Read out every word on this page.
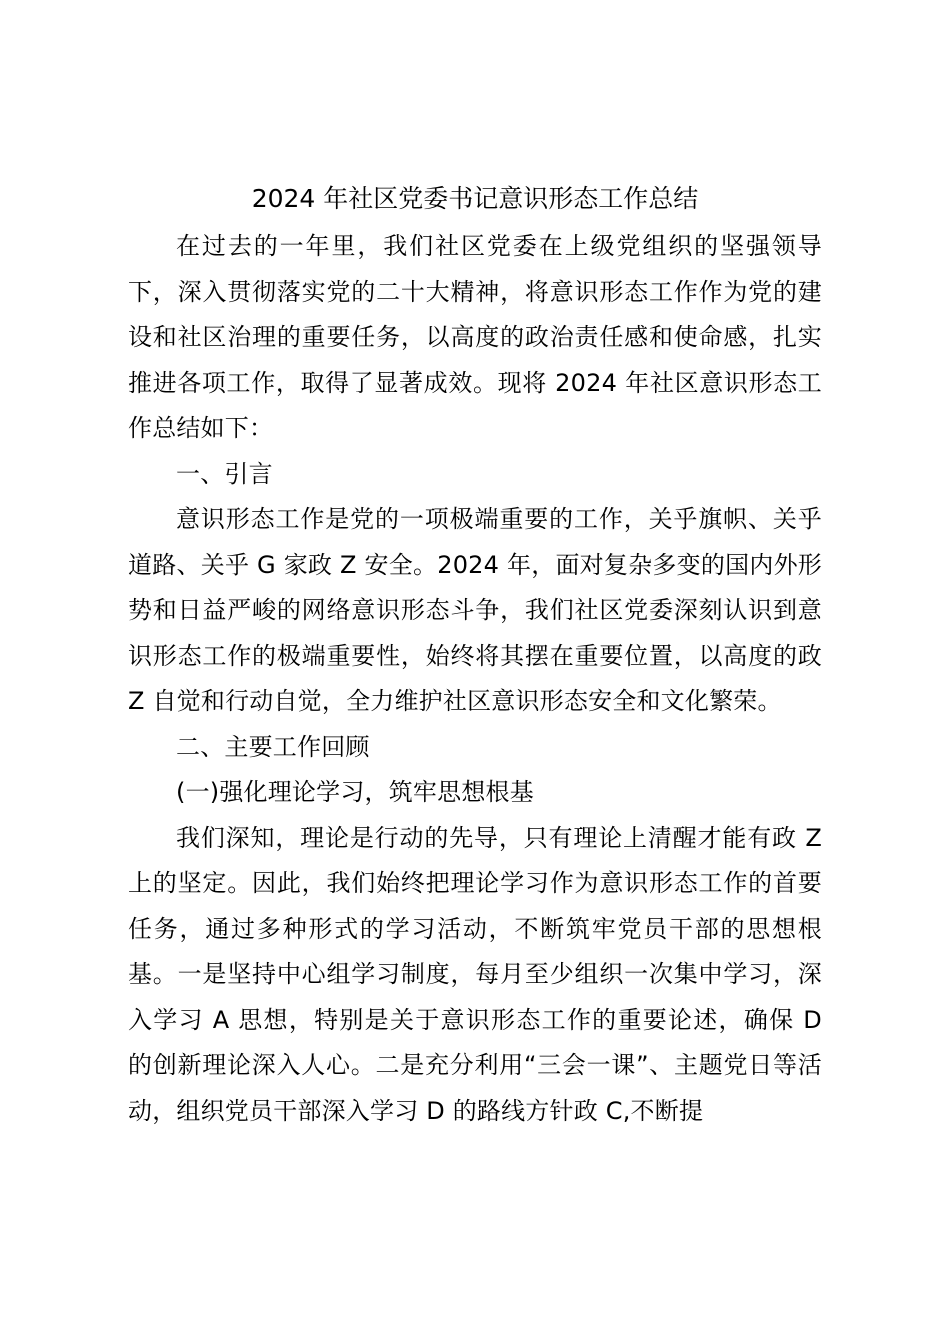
2024 年社区党委书记意识形态工作总结

在过去的一年里，我们社区党委在上级党组织的坚强领导下，深入贯彻落实党的二十大精神，将意识形态工作作为党的建设和社区治理的重要任务，以高度的政治责任感和使命感，扎实推进各项工作，取得了显著成效。现将 2024 年社区意识形态工作总结如下：

一、引言

意识形态工作是党的一项极端重要的工作，关乎旗帜、关乎道路、关乎 G 家政 Z 安全。2024 年，面对复杂多变的国内外形势和日益严峻的网络意识形态斗争，我们社区党委深刻认识到意识形态工作的极端重要性，始终将其摆在重要位置，以高度的政 Z 自觉和行动自觉，全力维护社区意识形态安全和文化繁荣。

二、主要工作回顾

(一)强化理论学习，筑牢思想根基

我们深知，理论是行动的先导，只有理论上清醒才能有政 Z 上的坚定。因此，我们始终把理论学习作为意识形态工作的首要任务，通过多种形式的学习活动，不断筑牢党员干部的思想根基。一是坚持中心组学习制度，每月至少组织一次集中学习，深入学习 A 思想，特别是关于意识形态工作的重要论述，确保 D 的创新理论深入人心。二是充分利用“三会一课”、主题党日等活动，组织党员干部深入学习 D 的路线方针政 C,不断提
